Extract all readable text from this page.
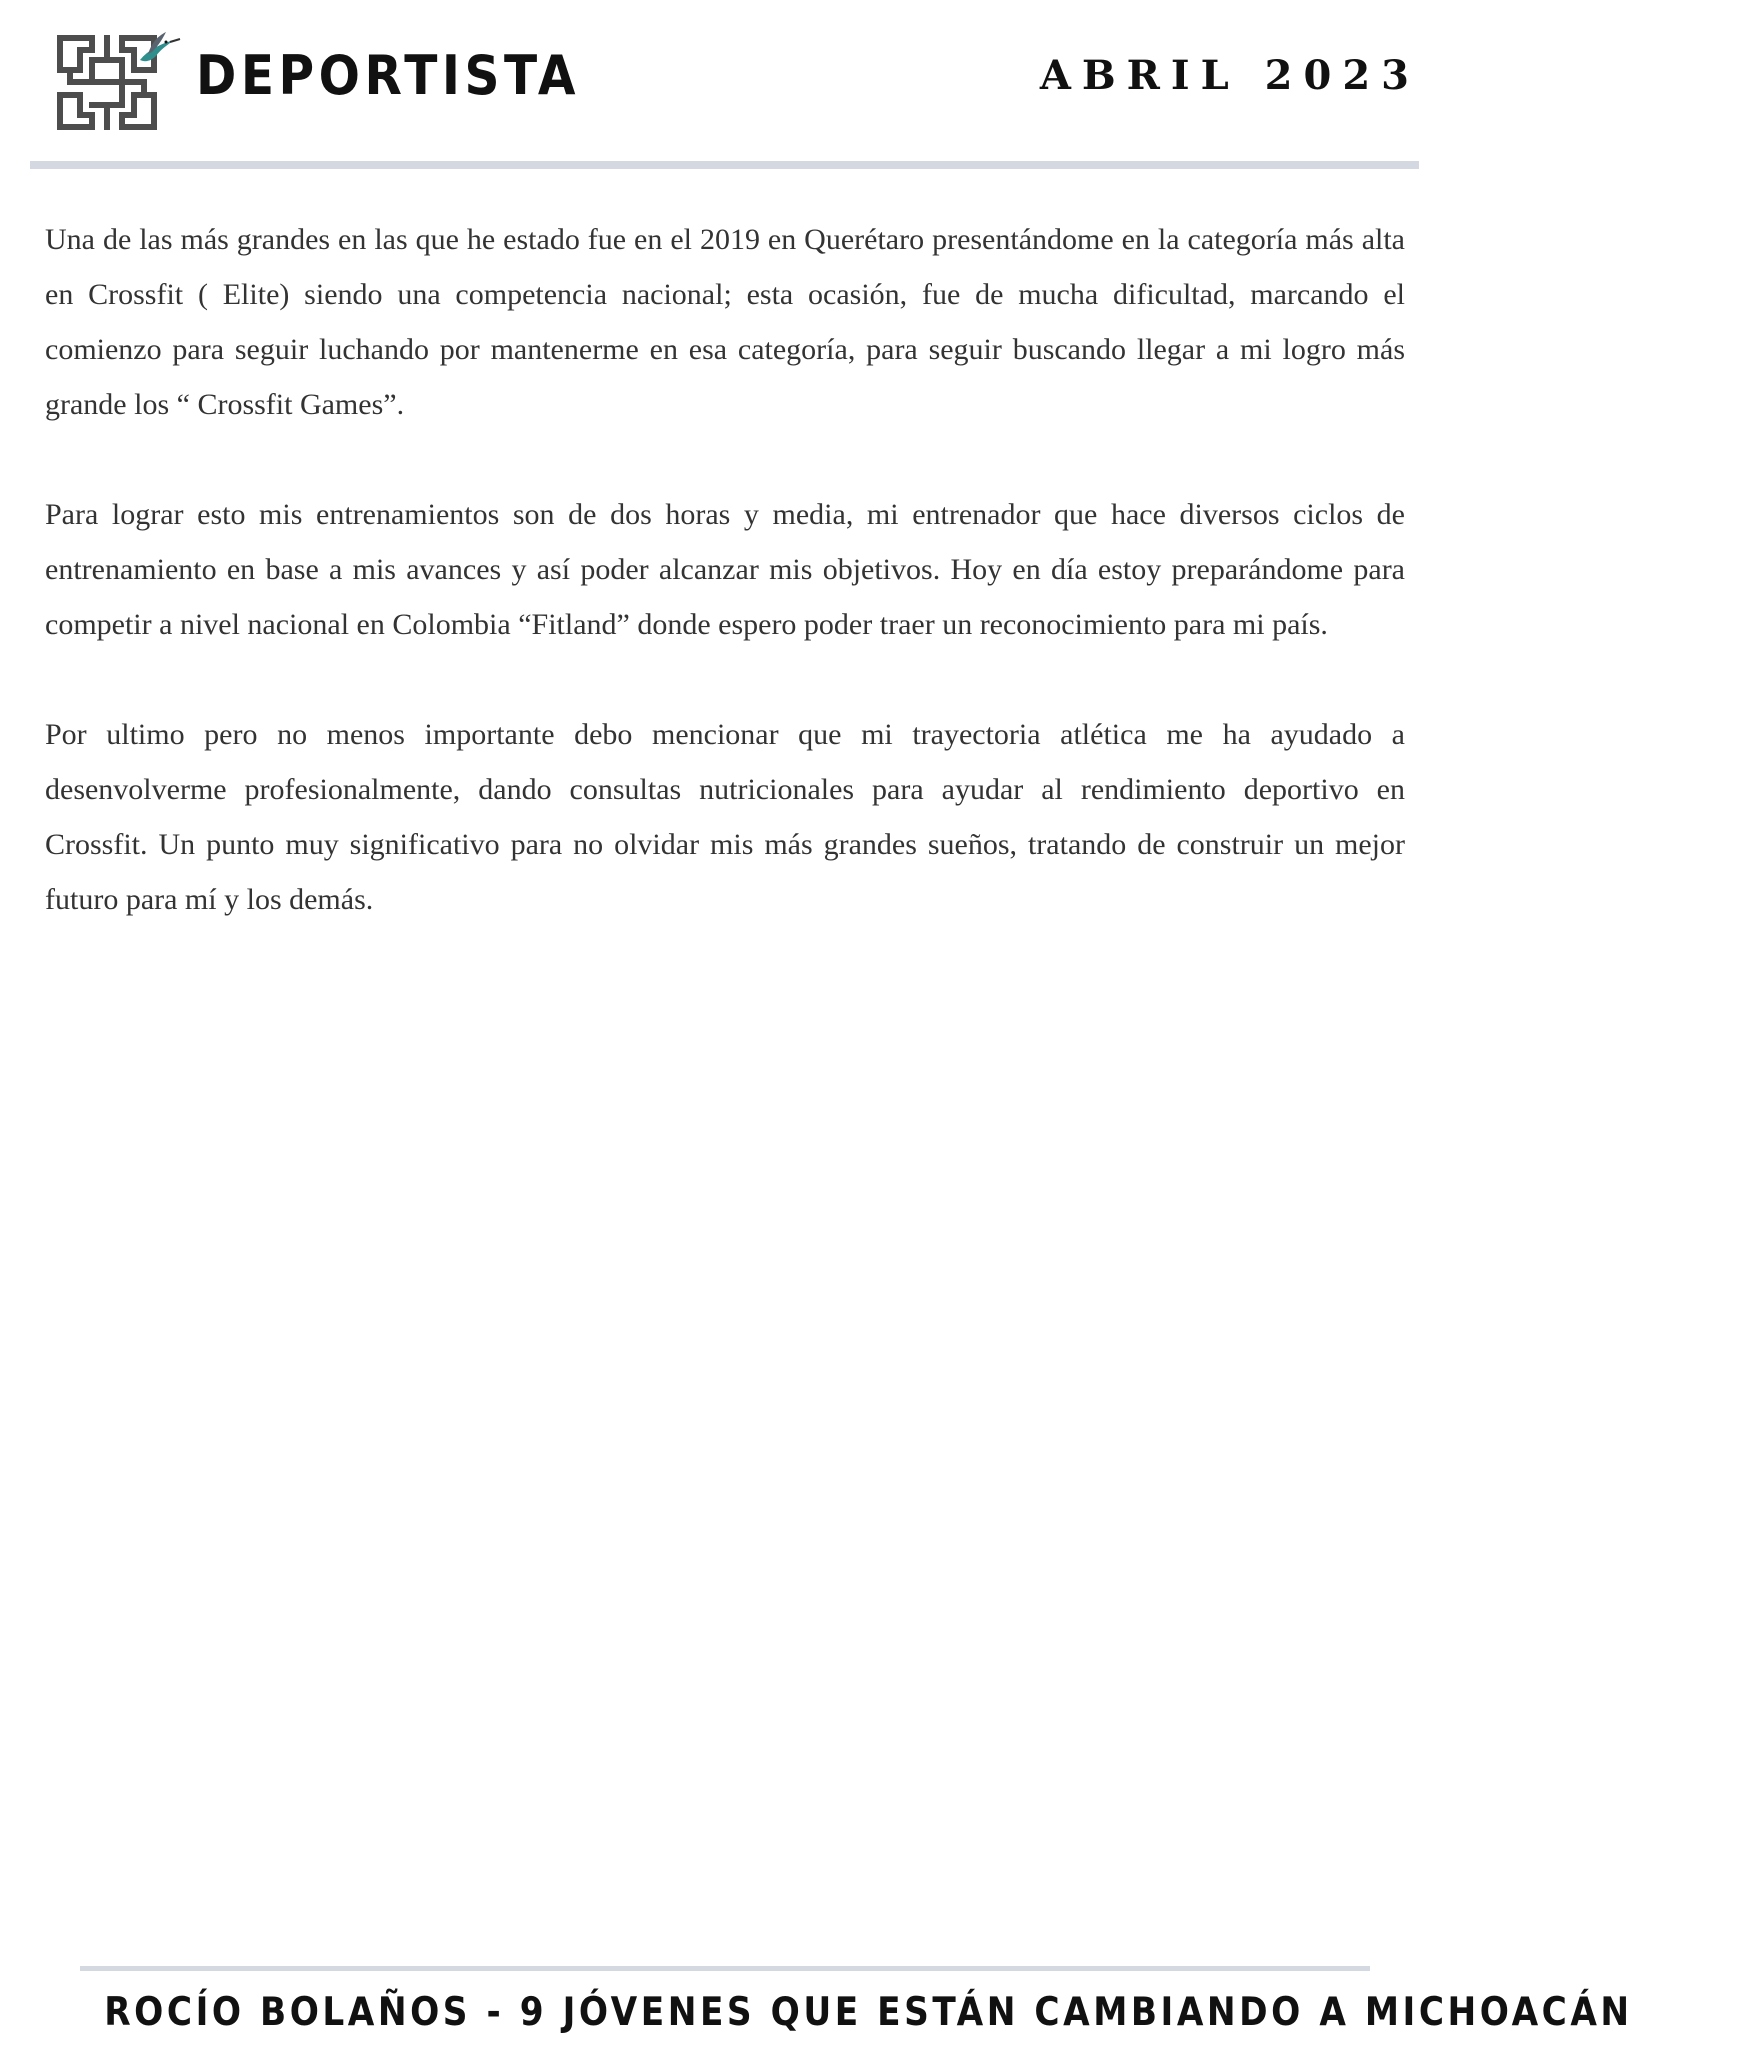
DEPORTISTA	ABRIL 2023

Una de las más grandes en las que he estado fue en el 2019 en Querétaro presentándome en la categoría más alta en Crossfit ( Elite) siendo una competencia nacional; esta ocasión, fue de mucha dificultad, marcando el comienzo para seguir luchando por mantenerme en esa categoría, para seguir buscando llegar a mi logro más grande los “ Crossfit Games”.

Para lograr esto mis entrenamientos son de dos horas y media, mi entrenador que hace diversos ciclos de entrenamiento en base a mis avances y así poder alcanzar mis objetivos. Hoy en día estoy preparándome para competir a nivel nacional en Colombia “Fitland” donde espero poder traer un reconocimiento para mi país.

Por ultimo pero no menos importante debo mencionar que mi trayectoria atlética me ha ayudado a desenvolverme profesionalmente, dando consultas nutricionales para ayudar al rendimiento deportivo en Crossfit. Un punto muy significativo para no olvidar mis más grandes sueños, tratando de construir un mejor futuro para mí y los demás.

ROCÍO BOLAÑOS - 9 JÓVENES QUE ESTÁN CAMBIANDO A MICHOACÁN
